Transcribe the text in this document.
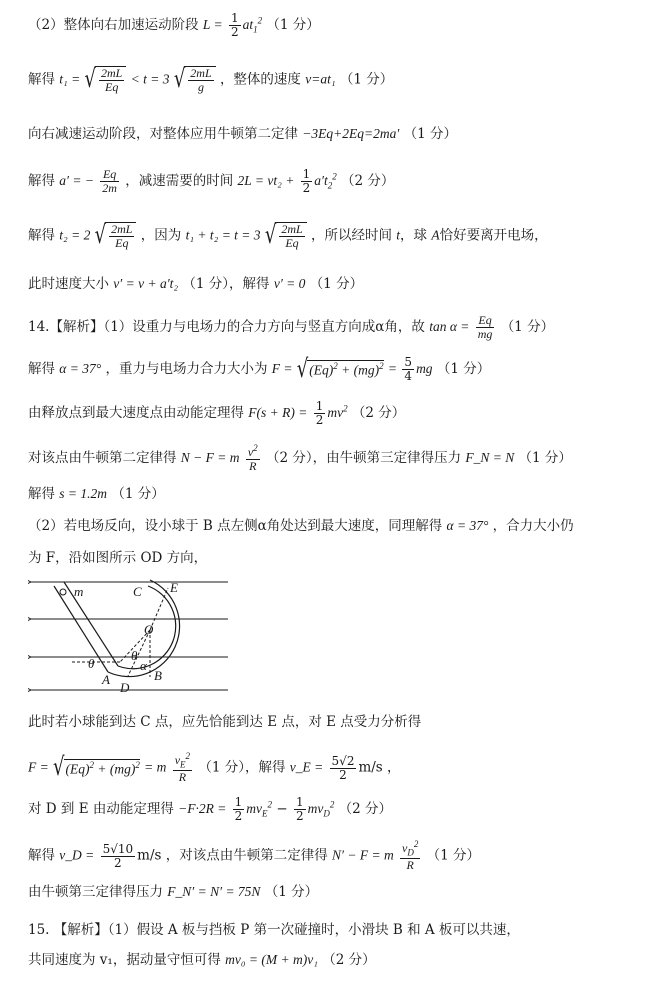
（2）整体向右加速运动阶段 $L = \frac{1}{2} at_1^2$ （1 分）
解得 t₁ = √ $\frac{2mL}{Eq} < t = 3$ √ $\frac{2mL}{g}$ ，整体的速度 v=at₁ （1 分）
向右减速运动阶段，对整体应用牛顿第二定律 −3Eq+2Eq=2ma′ （1 分）
解得 a′ = − $\frac{Eq}{2m}$ ，减速需要的时间 $2L = vt_2 + \frac{1}{2} a't_2^2$ （2 分）
解得 t₂ = 2 √ $\frac{2mL}{Eq}$ ，因为 t₁ + t₂ = t = 3 √ $\frac{2mL}{Eq}$ ，所以经时间 t，球 A恰好要离开电场，
此时速度大小 v′ = v + a′t₂ （1 分），解得 v′ = 0 （1 分）
14.【解析】（1）设重力与电场力的合力方向与竖直方向成α角，故 $\tan \alpha = \frac{Eq}{mg} (1$ 分）
解得 α = 37° ，重力与电场力合力大小为 $F = √(Eq)^2 + (mg)^2 = \frac{5}{4}$ mg （1 分）
由释放点到最大速度点由动能定理得 $F(s + R) = \frac{1}{2} mv^2$ （2 分）
对该点由牛顿第二定律得 N − F = m $\frac{v^2}{R} (2$ 分），由牛顿第三定律得压力 F_N = N （1 分）
解得 s = 1.2m （1 分）
（2）若电场反向，设小球于 B 点左侧α角处达到最大速度，同理解得 α = 37° ，合力大小仍
为 F，沿如图所示 OD 方向，
m	C E
O
θ
θ
α
A	B
D
此时若小球能到达 C 点，应先恰能到达 E 点，对 E 点受力分析得
$F = √(Eq)^2 + (mg)^2 = m \frac{v_E^2}{R} (1$ 分），解得 v_E = $\frac{5√2}{2} m/s$ ，
对 D 到 E 由动能定理得 $-F\cdot 2R = \frac{1}{2} mv_E^2 - \frac{1}{2} mv_D^2$ （2 分）
解得 v_D = $\frac{5√10}{2} m/s$ ，对该点由牛顿第二定律得 N′ − F = m $\frac{v_D^2}{R} (1$ 分）
由牛顿第三定律得压力 F_N′ = N′ = 75N （1 分）
15. 【解析】（1）假设 A 板与挡板 P 第一次碰撞时，小滑块 B 和 A 板可以共速，
共同速度为 v₁，据动量守恒可得 mv₀ = (M + m)v₁ （2 分）
